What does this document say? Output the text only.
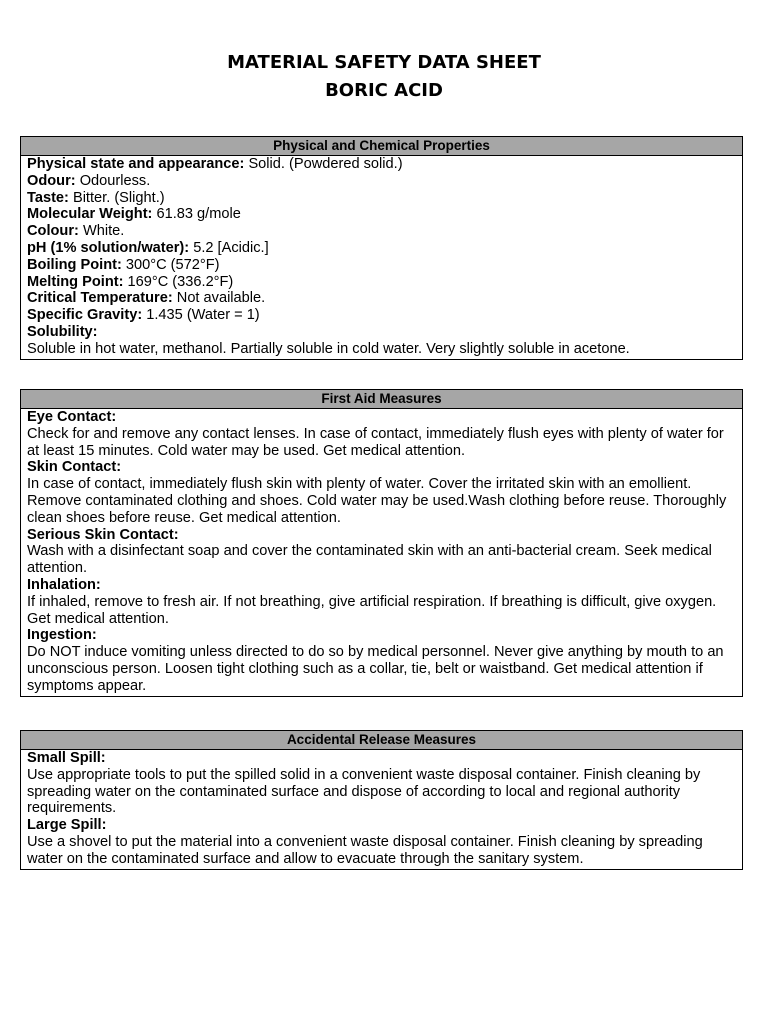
MATERIAL SAFETY DATA SHEET
BORIC ACID
Physical and Chemical Properties
Physical state and appearance: Solid. (Powdered solid.)
Odour: Odourless.
Taste: Bitter. (Slight.)
Molecular Weight: 61.83 g/mole
Colour: White.
pH (1% solution/water): 5.2 [Acidic.]
Boiling Point: 300°C (572°F)
Melting Point: 169°C (336.2°F)
Critical Temperature: Not available.
Specific Gravity: 1.435 (Water = 1)
Solubility:
Soluble in hot water, methanol. Partially soluble in cold water. Very slightly soluble in acetone.
First Aid Measures
Eye Contact:
Check for and remove any contact lenses. In case of contact, immediately flush eyes with plenty of water for at least 15 minutes. Cold water may be used. Get medical attention.
Skin Contact:
In case of contact, immediately flush skin with plenty of water. Cover the irritated skin with an emollient. Remove contaminated clothing and shoes. Cold water may be used.Wash clothing before reuse. Thoroughly clean shoes before reuse. Get medical attention.
Serious Skin Contact:
Wash with a disinfectant soap and cover the contaminated skin with an anti-bacterial cream. Seek medical attention.
Inhalation:
If inhaled, remove to fresh air. If not breathing, give artificial respiration. If breathing is difficult, give oxygen. Get medical attention.
Ingestion:
Do NOT induce vomiting unless directed to do so by medical personnel. Never give anything by mouth to an unconscious person. Loosen tight clothing such as a collar, tie, belt or waistband. Get medical attention if symptoms appear.
Accidental Release Measures
Small Spill:
Use appropriate tools to put the spilled solid in a convenient waste disposal container. Finish cleaning by spreading water on the contaminated surface and dispose of according to local and regional authority requirements.
Large Spill:
Use a shovel to put the material into a convenient waste disposal container. Finish cleaning by spreading water on the contaminated surface and allow to evacuate through the sanitary system.
